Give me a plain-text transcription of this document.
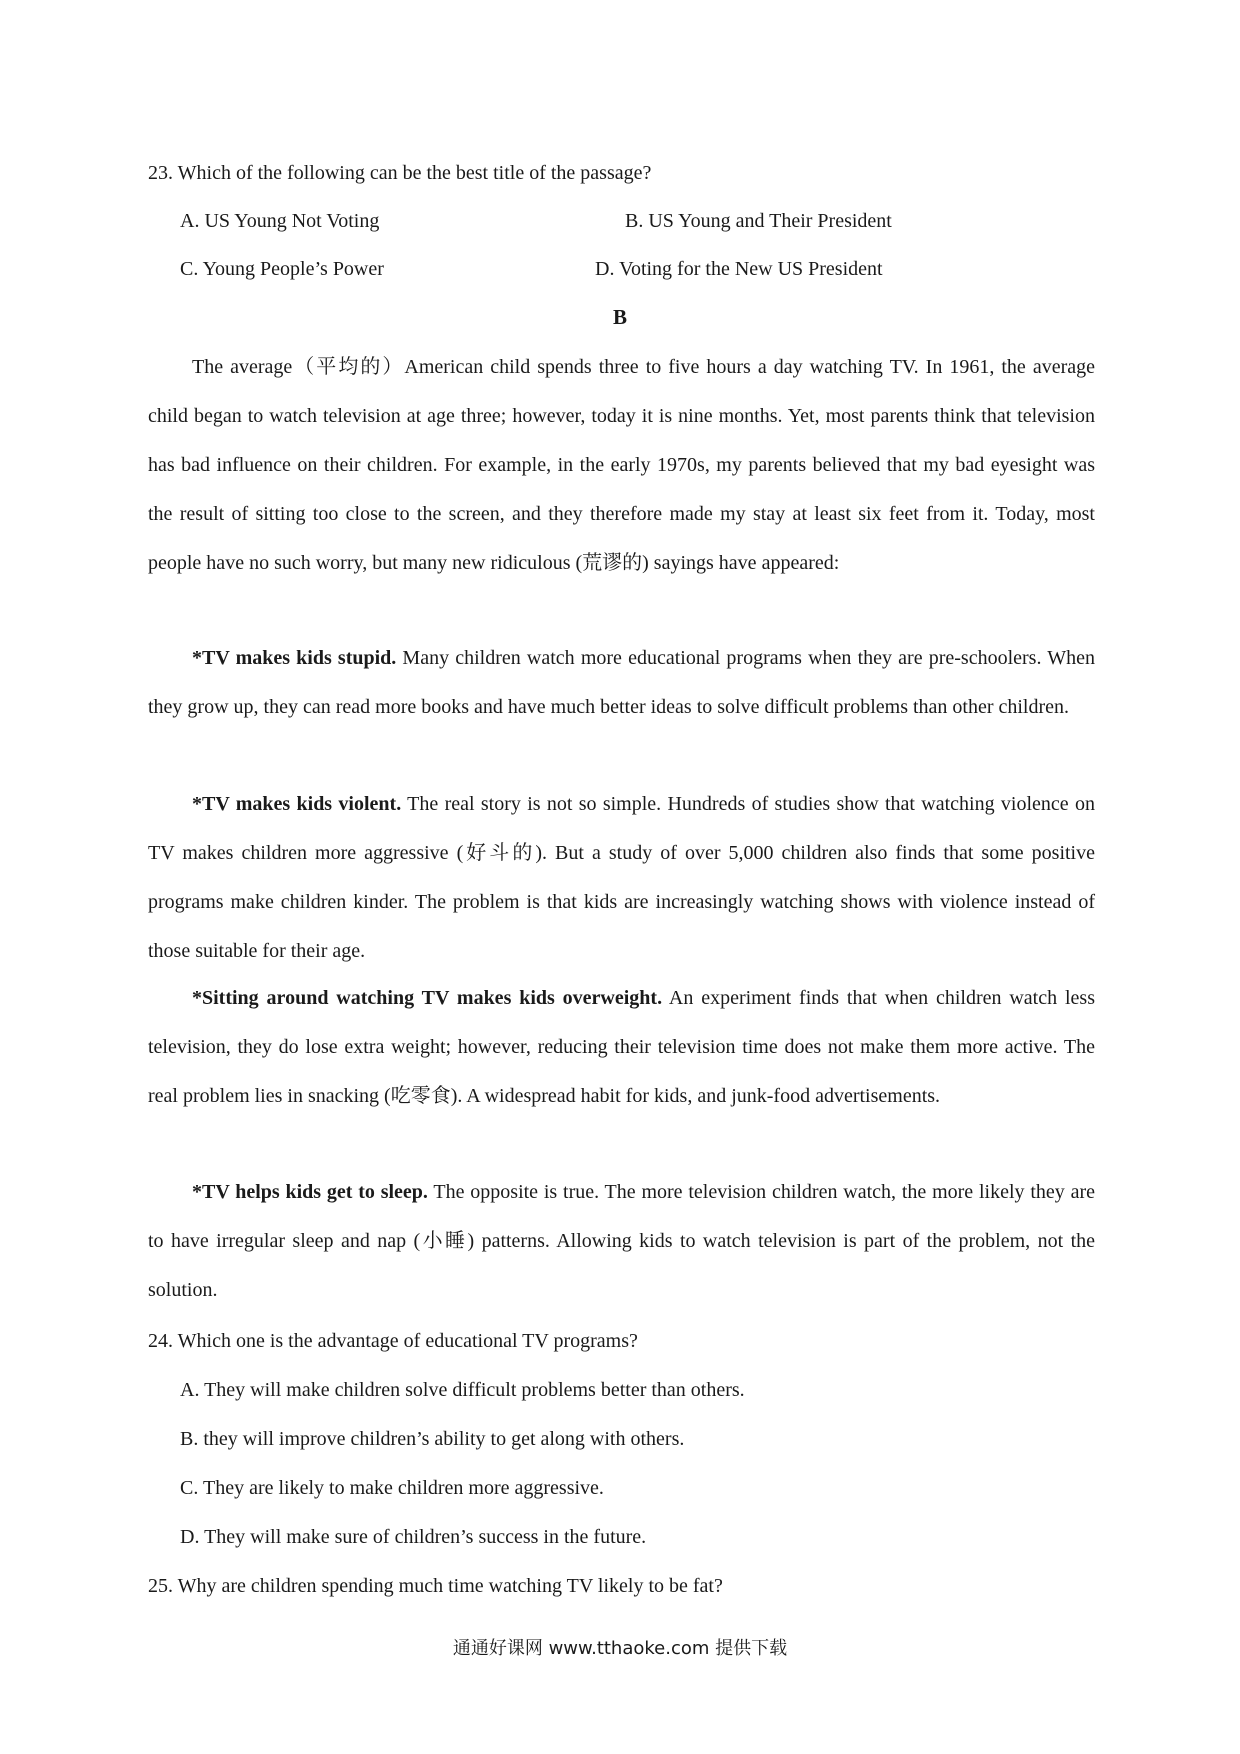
23. Which of the following can be the best title of the passage?
A. US Young Not Voting	B. US Young and Their President
C. Young People’s Power	D. Voting for the New US President
B
The average（平均的）American child spends three to five hours a day watching TV. In 1961, the average child began to watch television at age three; however, today it is nine months. Yet, most parents think that television has bad influence on their children. For example, in the early 1970s, my parents believed that my bad eyesight was the result of sitting too close to the screen, and they therefore made my stay at least six feet from it. Today, most people have no such worry, but many new ridiculous (荒谬的) sayings have appeared:
*TV makes kids stupid. Many children watch more educational programs when they are pre-schoolers. When they grow up, they can read more books and have much better ideas to solve difficult problems than other children.
*TV makes kids violent. The real story is not so simple. Hundreds of studies show that watching violence on TV makes children more aggressive (好斗的). But a study of over 5,000 children also finds that some positive programs make children kinder. The problem is that kids are increasingly watching shows with violence instead of those suitable for their age.
*Sitting around watching TV makes kids overweight. An experiment finds that when children watch less television, they do lose extra weight; however, reducing their television time does not make them more active. The real problem lies in snacking (吃零食). A widespread habit for kids, and junk-food advertisements.
*TV helps kids get to sleep. The opposite is true. The more television children watch, the more likely they are to have irregular sleep and nap (小睡) patterns. Allowing kids to watch television is part of the problem, not the solution.
24. Which one is the advantage of educational TV programs?
A. They will make children solve difficult problems better than others.
B. they will improve children’s ability to get along with others.
C. They are likely to make children more aggressive.
D. They will make sure of children’s success in the future.
25. Why are children spending much time watching TV likely to be fat?
通通好课网 www.tthaoke.com 提供下载
